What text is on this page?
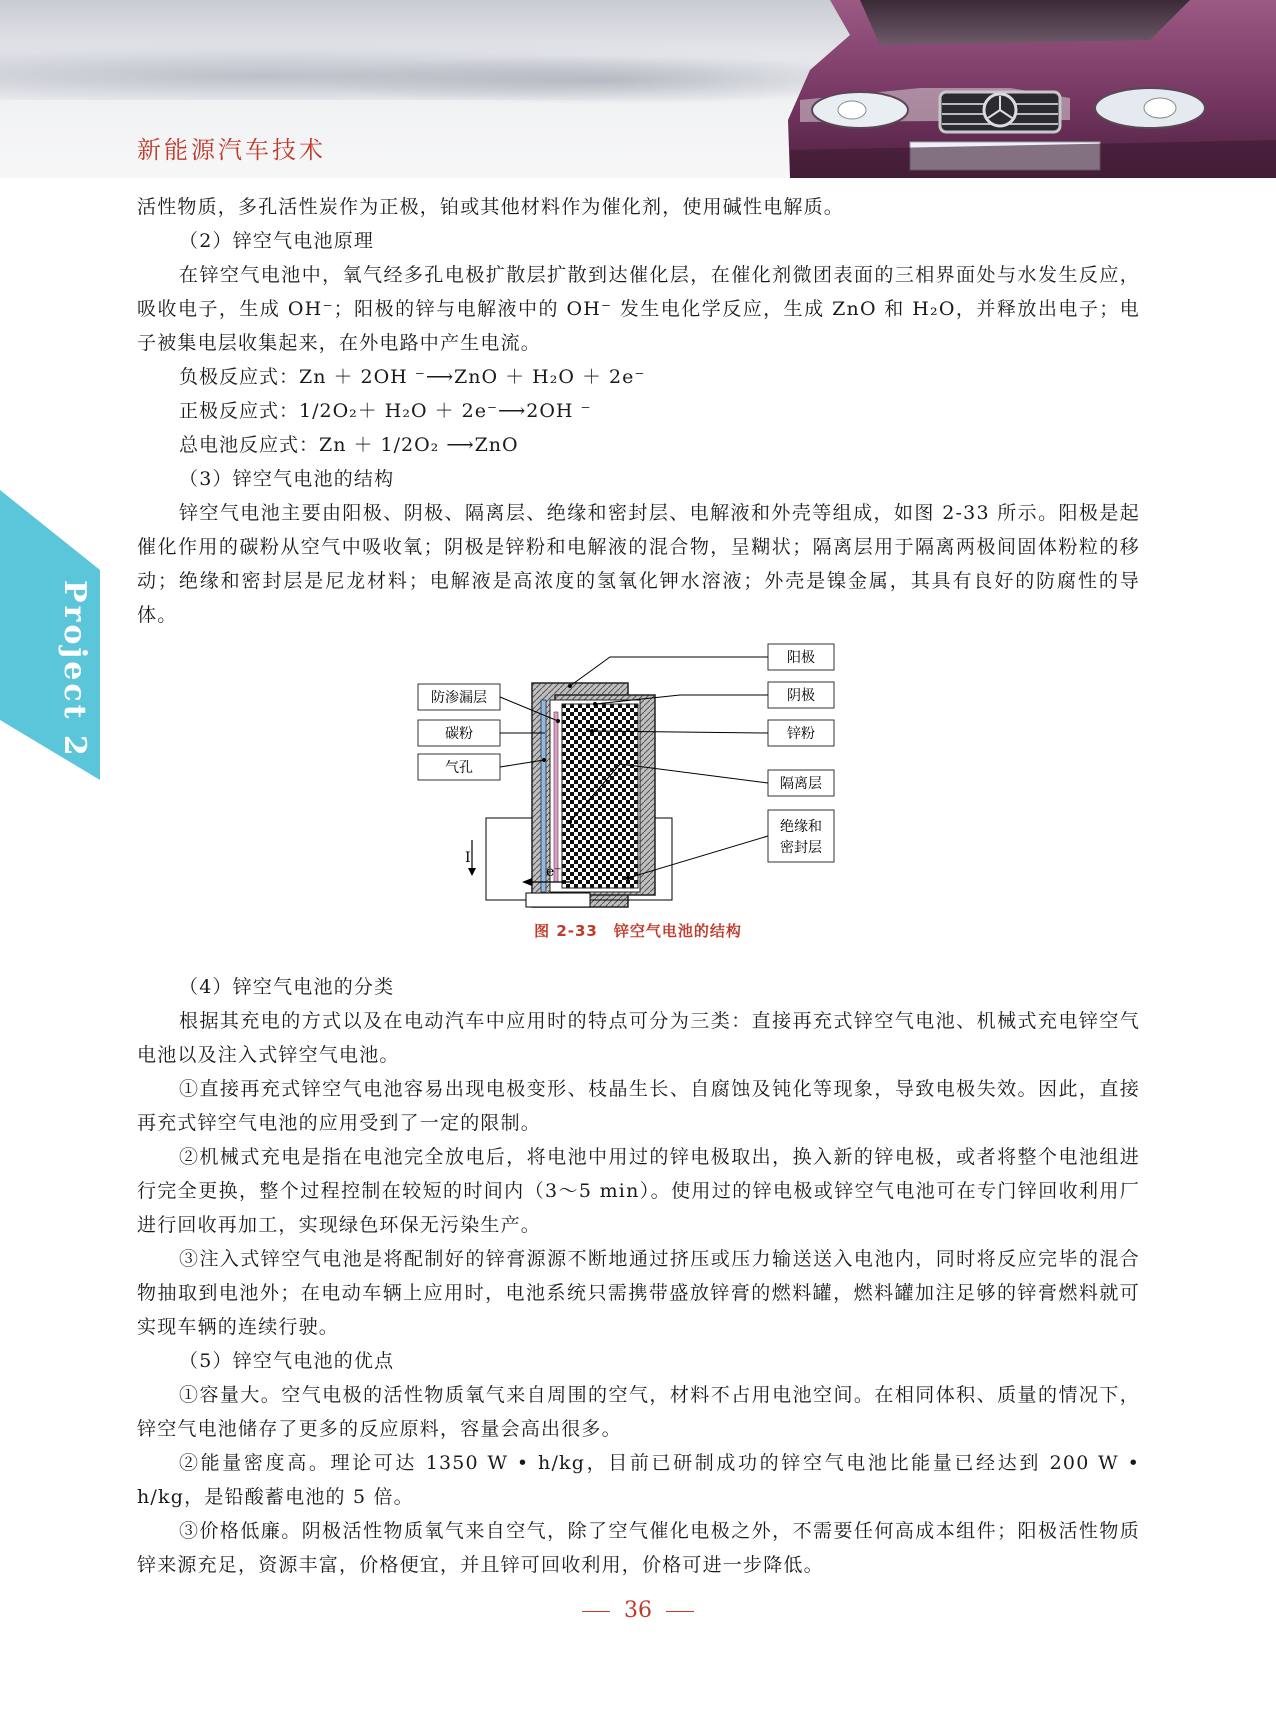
新能源汽车技术
Project 2

活性物质，多孔活性炭作为正极，铂或其他材料作为催化剂，使用碱性电解质。

（2）锌空气电池原理

在锌空气电池中，氧气经多孔电极扩散层扩散到达催化层，在催化剂微团表面的三相界面处与水发生反应，吸收电子，生成 OH⁻；阳极的锌与电解液中的 OH⁻ 发生电化学反应，生成 ZnO 和 H₂O，并释放出电子；电子被集电层收集起来，在外电路中产生电流。

负极反应式：Zn ＋ 2OH ⁻⟶ZnO ＋ H₂O ＋ 2e⁻

正极反应式：1/2O₂＋ H₂O ＋ 2e⁻⟶2OH ⁻

总电池反应式：Zn ＋ 1/2O₂ ⟶ZnO

（3）锌空气电池的结构

锌空气电池主要由阳极、阴极、隔离层、绝缘和密封层、电解液和外壳等组成，如图 2-33 所示。阳极是起催化作用的碳粉从空气中吸收氧；阴极是锌粉和电解液的混合物，呈糊状；隔离层用于隔离两极间固体粉粒的移动；绝缘和密封层是尼龙材料；电解液是高浓度的氢氧化钾水溶液；外壳是镍金属，其具有良好的防腐性的导体。

（4）锌空气电池的分类

根据其充电的方式以及在电动汽车中应用时的特点可分为三类：直接再充式锌空气电池、机械式充电锌空气电池以及注入式锌空气电池。

①直接再充式锌空气电池容易出现电极变形、枝晶生长、自腐蚀及钝化等现象，导致电极失效。因此，直接再充式锌空气电池的应用受到了一定的限制。

②机械式充电是指在电池完全放电后，将电池中用过的锌电极取出，换入新的锌电极，或者将整个电池组进行完全更换，整个过程控制在较短的时间内（3～5 min）。使用过的锌电极或锌空气电池可在专门锌回收利用厂进行回收再加工，实现绿色环保无污染生产。

③注入式锌空气电池是将配制好的锌膏源源不断地通过挤压或压力输送送入电池内，同时将反应完毕的混合物抽取到电池外；在电动车辆上应用时，电池系统只需携带盛放锌膏的燃料罐，燃料罐加注足够的锌膏燃料就可实现车辆的连续行驶。

（5）锌空气电池的优点

①容量大。空气电极的活性物质氧气来自周围的空气，材料不占用电池空间。在相同体积、质量的情况下，锌空气电池储存了更多的反应原料，容量会高出很多。

②能量密度高。理论可达 1350 W • h/kg，目前已研制成功的锌空气电池比能量已经达到 200 W • h/kg，是铅酸蓄电池的 5 倍。

③价格低廉。阴极活性物质氧气来自空气，除了空气催化电极之外，不需要任何高成本组件；阳极活性物质锌来源充足，资源丰富，价格便宜，并且锌可回收利用，价格可进一步降低。

防渗漏层
碳粉
气孔
阳极
阴极
锌粉
隔离层
绝缘和
密封层
I
e⁻
图 2-33　锌空气电池的结构
36
